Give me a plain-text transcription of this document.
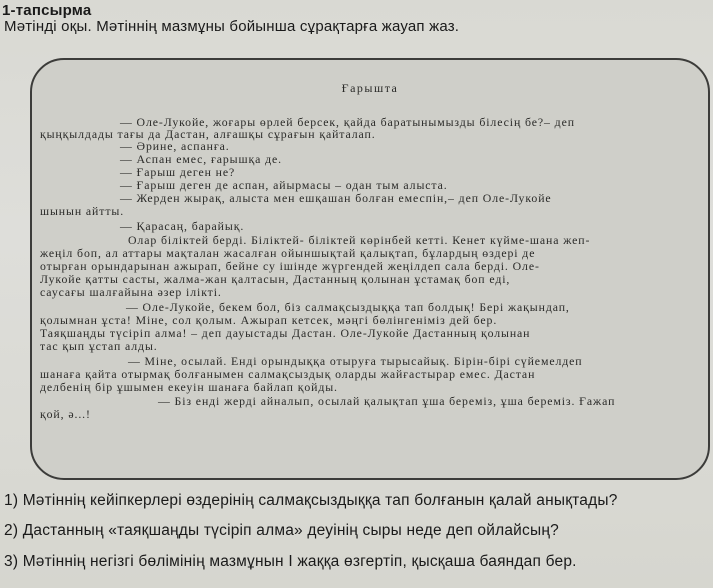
1-тапсырма
Мәтінді оқы. Мәтіннің мазмұны бойынша сұрақтарға жауап жаз.
Ғарыштa
— Оле-Лукойе, жоғары өрлей берсек, қайда баратынымызды білесің бе?– деп
қыңқылдады тағы да Дастан, алғашқы сұрағын қайталап.
— Әрине, аспанға.
— Аспан емес, ғарышқа де.
— Ғарыш деген не?
— Ғарыш деген де аспан, айырмасы – одан тым алыста.
— Жерден жырақ, алыста мен ешқашан болған емеспін,– деп Оле-Лукойе
шынын айтты.
— Қарасаң, барайық.
Олар біліктей берді. Біліктей- біліктей көрінбей кетті. Кенет күйме-шана жеп-
жеңіл боп, ал аттары мақталан жасалған ойыншықтай қалықтап, бұлардың өздері де
отырған орындарынан ажырап, бейне су ішінде жүргендей жеңілдеп сала берді. Оле-
Лукойе қатты састы, жалма-жан қалтасын, Дастанның қолынан ұстамақ боп еді,
саусағы шалғайына әзер ілікті.
— Оле-Лукойе, бекем бол, біз салмақсыздыққа тап болдық! Бері жақындап,
қолымнан ұста! Міне, сол қолым. Ажырап кетсек, мәңгі бөлінгеніміз дей бер.
Таяқшаңды түсіріп алма! – деп дауыстады Дастан. Оле-Лукойе Дастанның қолынан
тас қып ұстап алды.
— Міне, осылай. Енді орындыққа отыруға тырысайық. Бірін-бірі сүйемелдеп
шанаға қайта отырмақ болғанымен салмақсыздық оларды жайғастырар емес. Дастан
делбенің бір ұшымен екеуін шанаға байлап қойды.
— Біз енді жерді айналып, осылай қалықтап ұша береміз, ұша береміз. Ғажап
қой, ә...!
1) Мәтіннің кейіпкерлері өздерінің салмақсыздыққа тап болғанын қалай анықтады?
2) Дастанның «таяқшаңды түсіріп алма» деуінің сыры неде деп ойлайсың?
3) Мәтіннің негізгі бөлімінің мазмұнын I жаққа өзгертіп, қысқаша баяндап бер.
